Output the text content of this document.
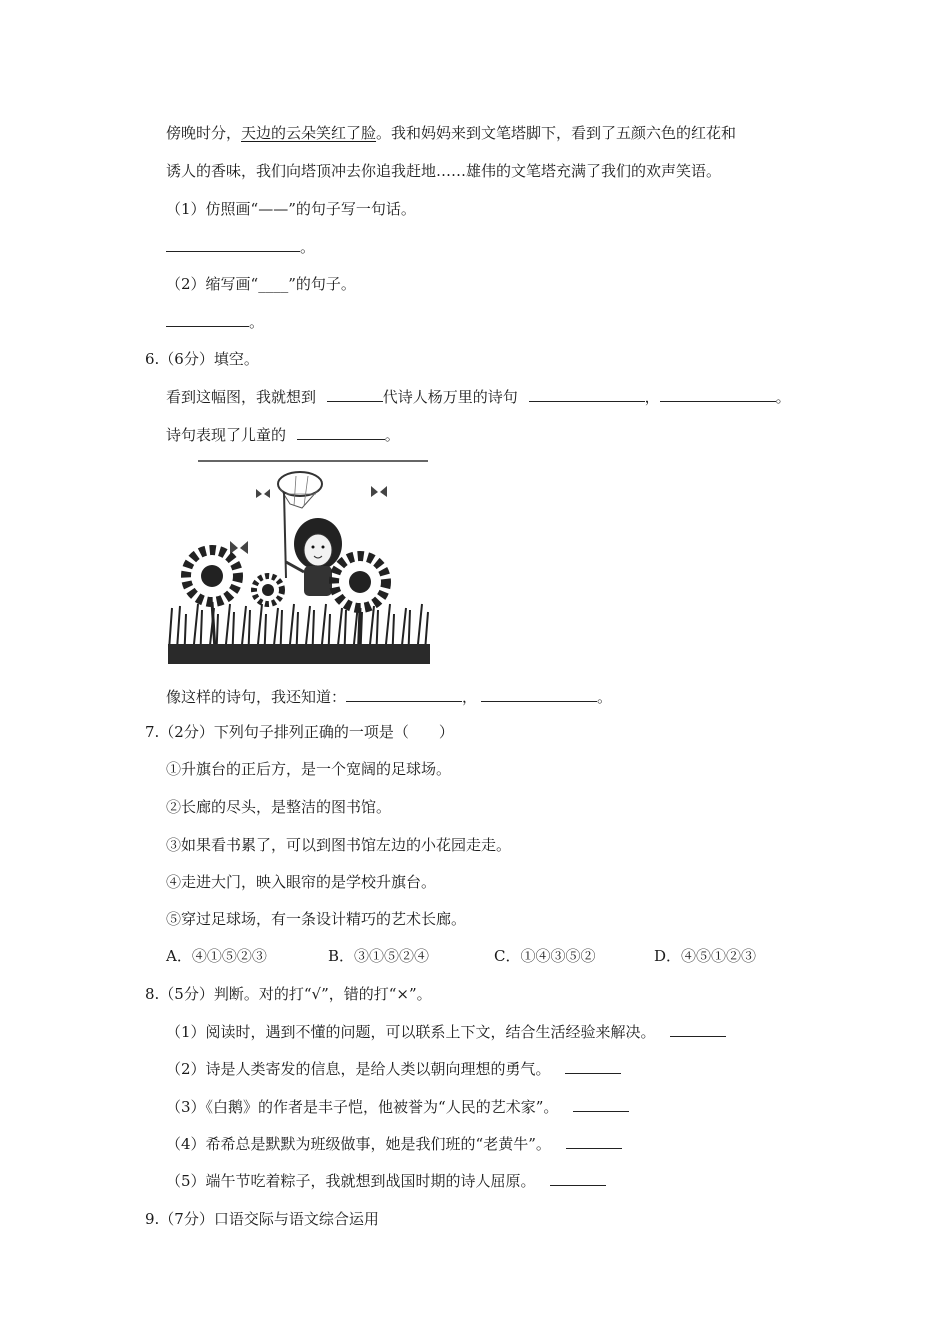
傍晚时分，天边的云朵笑红了脸。我和妈妈来到文笔塔脚下，看到了五颜六色的红花和
诱人的香味，我们向塔顶冲去你追我赶地……雄伟的文笔塔充满了我们的欢声笑语。
（1）仿照画“——”的句子写一句话。
。
（2）缩写画“____”的句子。
。
6.（6分）填空。
看到这幅图，我就想到	代诗人杨万里的诗句	，	。
诗句表现了儿童的	。
像这样的诗句，我还知道：	，	。
7.（2分）下列句子排列正确的一项是（　　）
①升旗台的正后方，是一个宽阔的足球场。
②长廊的尽头，是整洁的图书馆。
③如果看书累了，可以到图书馆左边的小花园走走。
④走进大门，映入眼帘的是学校升旗台。
⑤穿过足球场，有一条设计精巧的艺术长廊。
A．④①⑤②③	B．③①⑤②④	C．①④③⑤②	D．④⑤①②③
8.（5分）判断。对的打“√”，错的打“×”。
（1）阅读时，遇到不懂的问题，可以联系上下文，结合生活经验来解决。
（2）诗是人类寄发的信息，是给人类以朝向理想的勇气。
（3）《白鹅》的作者是丰子恺，他被誉为“人民的艺术家”。
（4）希希总是默默为班级做事，她是我们班的“老黄牛”。
（5）端午节吃着粽子，我就想到战国时期的诗人屈原。
9.（7分）口语交际与语文综合运用
